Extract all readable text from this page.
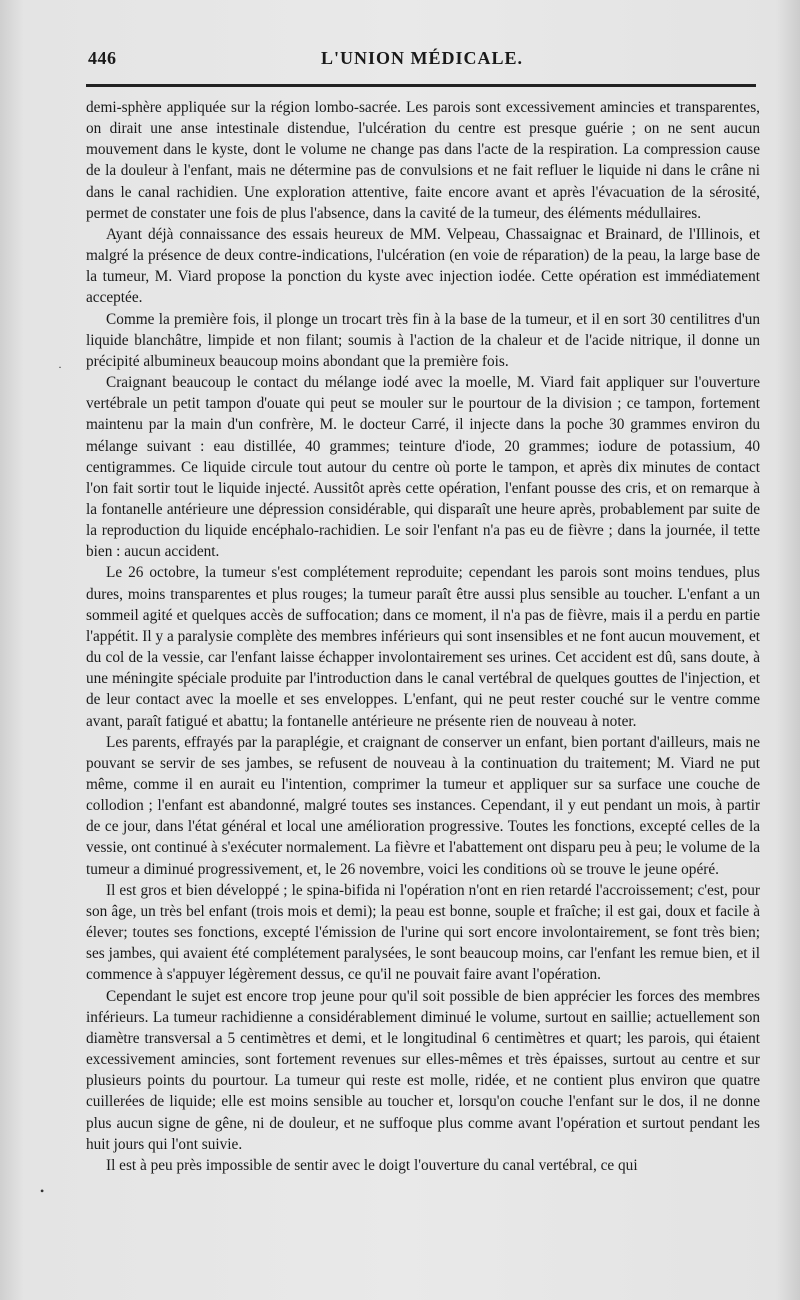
446	L'UNION MÉDICALE.

demi-sphère appliquée sur la région lombo-sacrée. Les parois sont excessivement amincies et transparentes, on dirait une anse intestinale distendue, l'ulcération du centre est presque guérie ; on ne sent aucun mouvement dans le kyste, dont le volume ne change pas dans l'acte de la respiration. La compression cause de la douleur à l'enfant, mais ne détermine pas de convulsions et ne fait refluer le liquide ni dans le crâne ni dans le canal rachidien. Une exploration attentive, faite encore avant et après l'évacuation de la sérosité, permet de constater une fois de plus l'absence, dans la cavité de la tumeur, des éléments médullaires.

Ayant déjà connaissance des essais heureux de MM. Velpeau, Chassaignac et Brainard, de l'Illinois, et malgré la présence de deux contre-indications, l'ulcération (en voie de réparation) de la peau, la large base de la tumeur, M. Viard propose la ponction du kyste avec injection iodée. Cette opération est immédiatement acceptée.

Comme la première fois, il plonge un trocart très fin à la base de la tumeur, et il en sort 30 centilitres d'un liquide blanchâtre, limpide et non filant; soumis à l'action de la chaleur et de l'acide nitrique, il donne un précipité albumineux beaucoup moins abondant que la première fois.

Craignant beaucoup le contact du mélange iodé avec la moelle, M. Viard fait appliquer sur l'ouverture vertébrale un petit tampon d'ouate qui peut se mouler sur le pourtour de la division ; ce tampon, fortement maintenu par la main d'un confrère, M. le docteur Carré, il injecte dans la poche 30 grammes environ du mélange suivant : eau distillée, 40 grammes; teinture d'iode, 20 grammes; iodure de potassium, 40 centigrammes. Ce liquide circule tout autour du centre où porte le tampon, et après dix minutes de contact l'on fait sortir tout le liquide injecté. Aussitôt après cette opération, l'enfant pousse des cris, et on remarque à la fontanelle antérieure une dépression considérable, qui disparaît une heure après, probablement par suite de la reproduction du liquide encéphalo-rachidien. Le soir l'enfant n'a pas eu de fièvre ; dans la journée, il tette bien : aucun accident.

Le 26 octobre, la tumeur s'est complétement reproduite; cependant les parois sont moins tendues, plus dures, moins transparentes et plus rouges; la tumeur paraît être aussi plus sensible au toucher. L'enfant a un sommeil agité et quelques accès de suffocation; dans ce moment, il n'a pas de fièvre, mais il a perdu en partie l'appétit. Il y a paralysie complète des membres inférieurs qui sont insensibles et ne font aucun mouvement, et du col de la vessie, car l'enfant laisse échapper involontairement ses urines. Cet accident est dû, sans doute, à une méningite spéciale produite par l'introduction dans le canal vertébral de quelques gouttes de l'injection, et de leur contact avec la moelle et ses enveloppes. L'enfant, qui ne peut rester couché sur le ventre comme avant, paraît fatigué et abattu; la fontanelle antérieure ne présente rien de nouveau à noter.

Les parents, effrayés par la paraplégie, et craignant de conserver un enfant, bien portant d'ailleurs, mais ne pouvant se servir de ses jambes, se refusent de nouveau à la continuation du traitement; M. Viard ne put même, comme il en aurait eu l'intention, comprimer la tumeur et appliquer sur sa surface une couche de collodion ; l'enfant est abandonné, malgré toutes ses instances. Cependant, il y eut pendant un mois, à partir de ce jour, dans l'état général et local une amélioration progressive. Toutes les fonctions, excepté celles de la vessie, ont continué à s'exécuter normalement. La fièvre et l'abattement ont disparu peu à peu; le volume de la tumeur a diminué progressivement, et, le 26 novembre, voici les conditions où se trouve le jeune opéré.

Il est gros et bien développé ; le spina-bifida ni l'opération n'ont en rien retardé l'accroissement; c'est, pour son âge, un très bel enfant (trois mois et demi); la peau est bonne, souple et fraîche; il est gai, doux et facile à élever; toutes ses fonctions, excepté l'émission de l'urine qui sort encore involontairement, se font très bien; ses jambes, qui avaient été complétement paralysées, le sont beaucoup moins, car l'enfant les remue bien, et il commence à s'appuyer légèrement dessus, ce qu'il ne pouvait faire avant l'opération.

Cependant le sujet est encore trop jeune pour qu'il soit possible de bien apprécier les forces des membres inférieurs. La tumeur rachidienne a considérablement diminué le volume, surtout en saillie; actuellement son diamètre transversal a 5 centimètres et demi, et le longitudinal 6 centimètres et quart; les parois, qui étaient excessivement amincies, sont fortement revenues sur elles-mêmes et très épaisses, surtout au centre et sur plusieurs points du pourtour. La tumeur qui reste est molle, ridée, et ne contient plus environ que quatre cuillerées de liquide; elle est moins sensible au toucher et, lorsqu'on couche l'enfant sur le dos, il ne donne plus aucun signe de gêne, ni de douleur, et ne suffoque plus comme avant l'opération et surtout pendant les huit jours qui l'ont suivie.

Il est à peu près impossible de sentir avec le doigt l'ouverture du canal vertébral, ce qui

·
•
